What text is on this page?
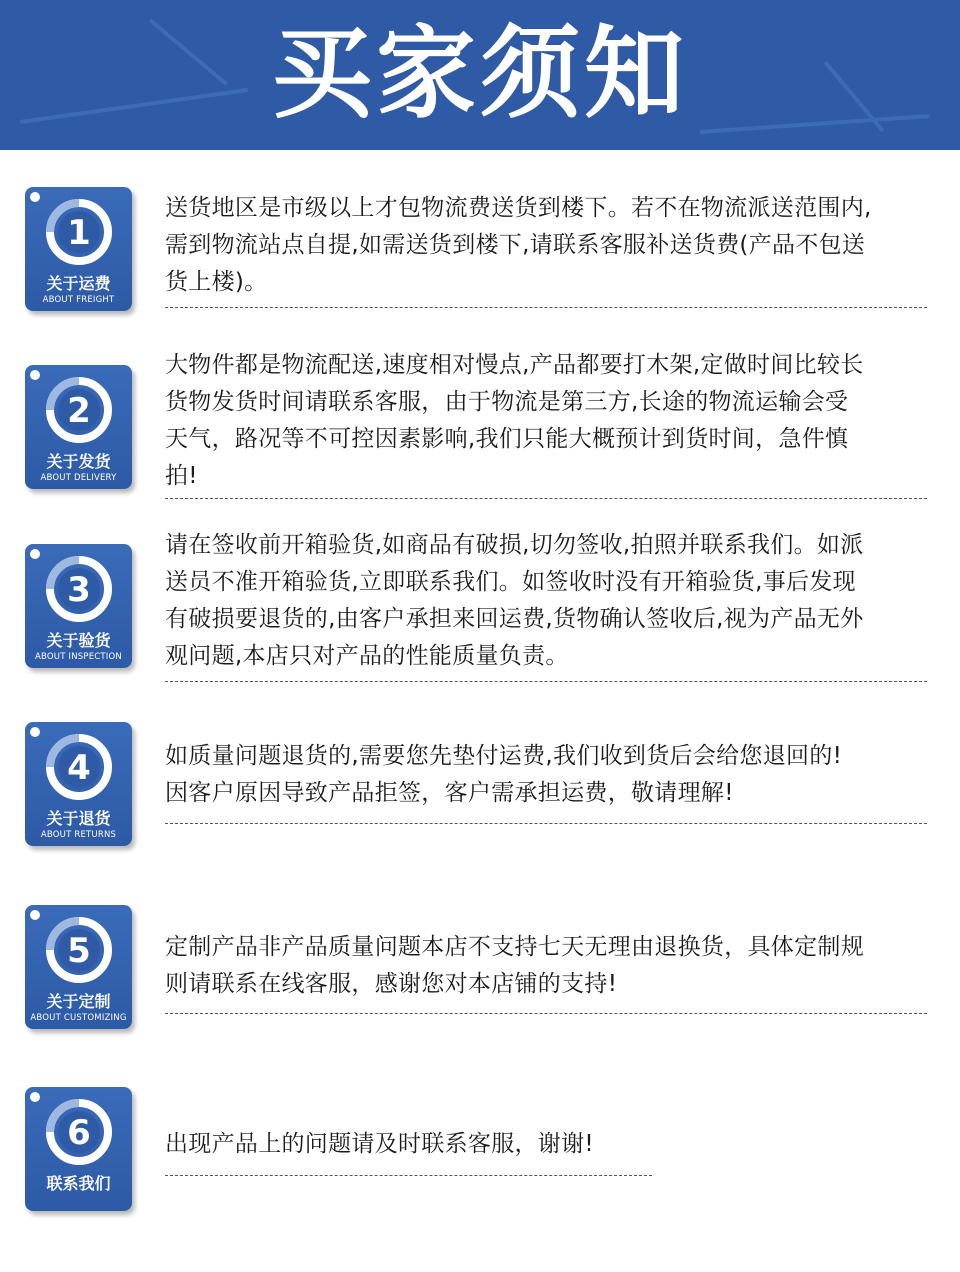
买家须知
1
关于运费
ABOUT FREIGHT

送货地区是市级以上才包物流费送货到楼下。若不在物流派送范围内,

需到物流站点自提,如需送货到楼下,请联系客服补送货费(产品不包送

货上楼)。

2
关于发货
ABOUT DELIVERY

大物件都是物流配送,速度相对慢点,产品都要打木架,定做时间比较长

货物发货时间请联系客服，由于物流是第三方,长途的物流运输会受

天气，路况等不可控因素影响,我们只能大概预计到货时间，急件慎

拍!

3
关于验货
ABOUT INSPECTION

请在签收前开箱验货,如商品有破损,切勿签收,拍照并联系我们。如派

送员不准开箱验货,立即联系我们。如签收时没有开箱验货,事后发现

有破损要退货的,由客户承担来回运费,货物确认签收后,视为产品无外

观问题,本店只对产品的性能质量负责。

4
关于退货
ABOUT RETURNS

如质量问题退货的,需要您先垫付运费,我们收到货后会给您退回的!

因客户原因导致产品拒签，客户需承担运费，敬请理解!

5
关于定制
ABOUT CUSTOMIZING

定制产品非产品质量问题本店不支持七天无理由退换货，具体定制规

则请联系在线客服，感谢您对本店铺的支持!

6
联系我们

出现产品上的问题请及时联系客服，谢谢!
